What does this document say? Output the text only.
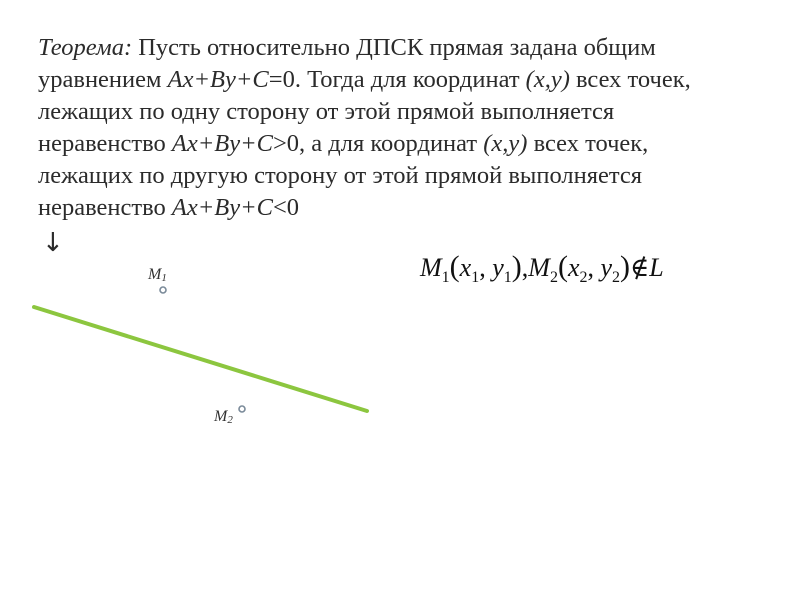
Теорема: Пусть относительно ДПСК прямая задана общим уравнением Ax+By+C=0. Тогда для координат (x,y) всех точек, лежащих по одну сторону от этой прямой выполняется неравенство Ax+By+C>0, а для координат (x,y) всех точек, лежащих по другую сторону от этой прямой выполняется неравенство Ax+By+C<0

↓
$M_1(x_1$, $y_1),M_2(x_2$, $y_2)\notin L$
M1
M2
